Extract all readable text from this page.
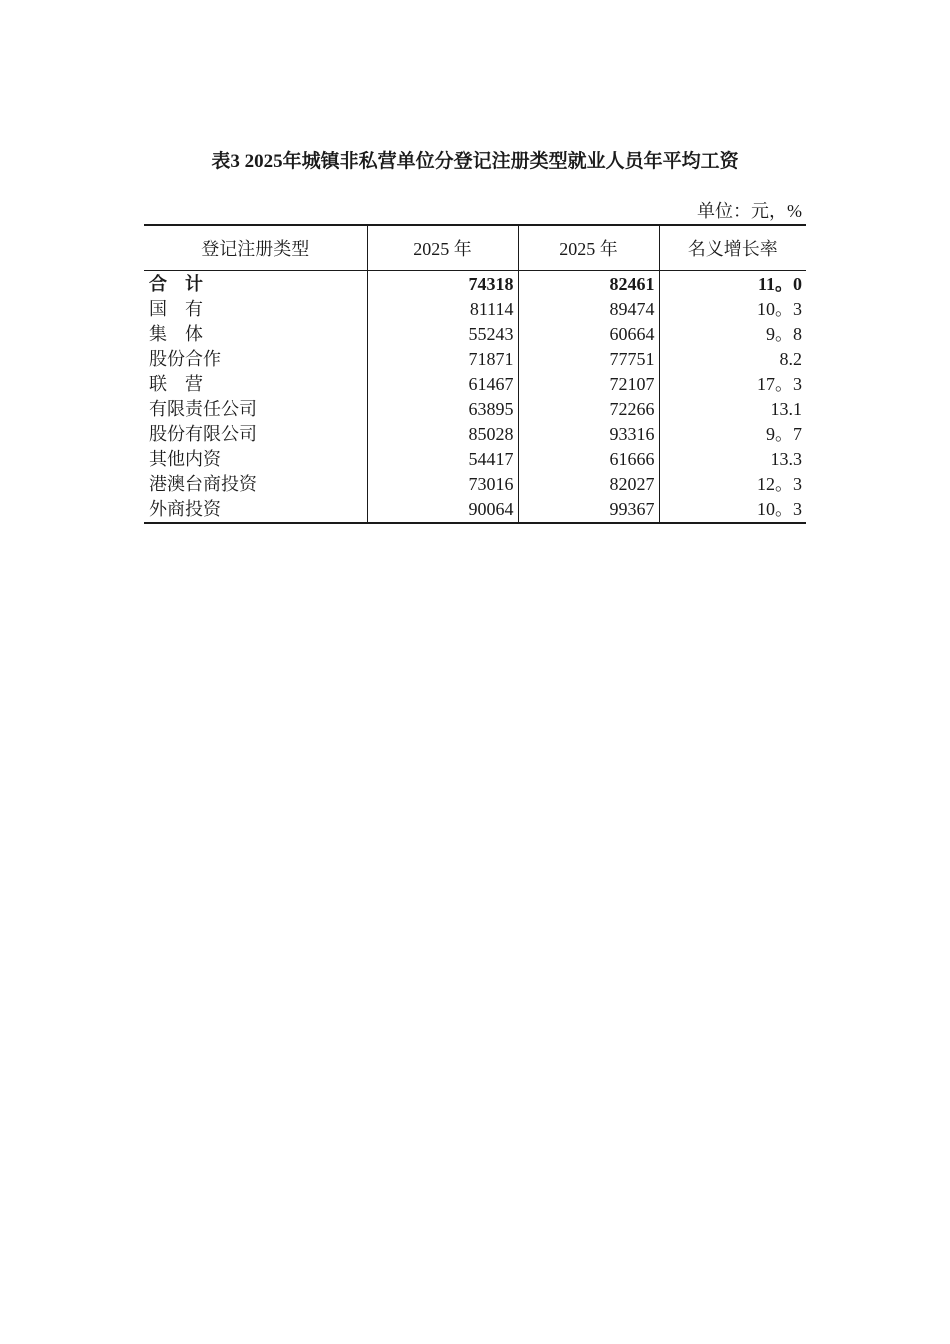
表3 2025年城镇非私营单位分登记注册类型就业人员年平均工资
单位：元，%
登记注册类型	2025 年	2025 年	名义增长率
合　计	74318	82461	11。0
国　有	81114	89474	10。3
集　体	55243	60664	9。8
股份合作	71871	77751	8.2
联　营	61467	72107	17。3
有限责任公司	63895	72266	13.1
股份有限公司	85028	93316	9。7
其他内资	54417	61666	13.3
港澳台商投资	73016	82027	12。3
外商投资	90064	99367	10。3
